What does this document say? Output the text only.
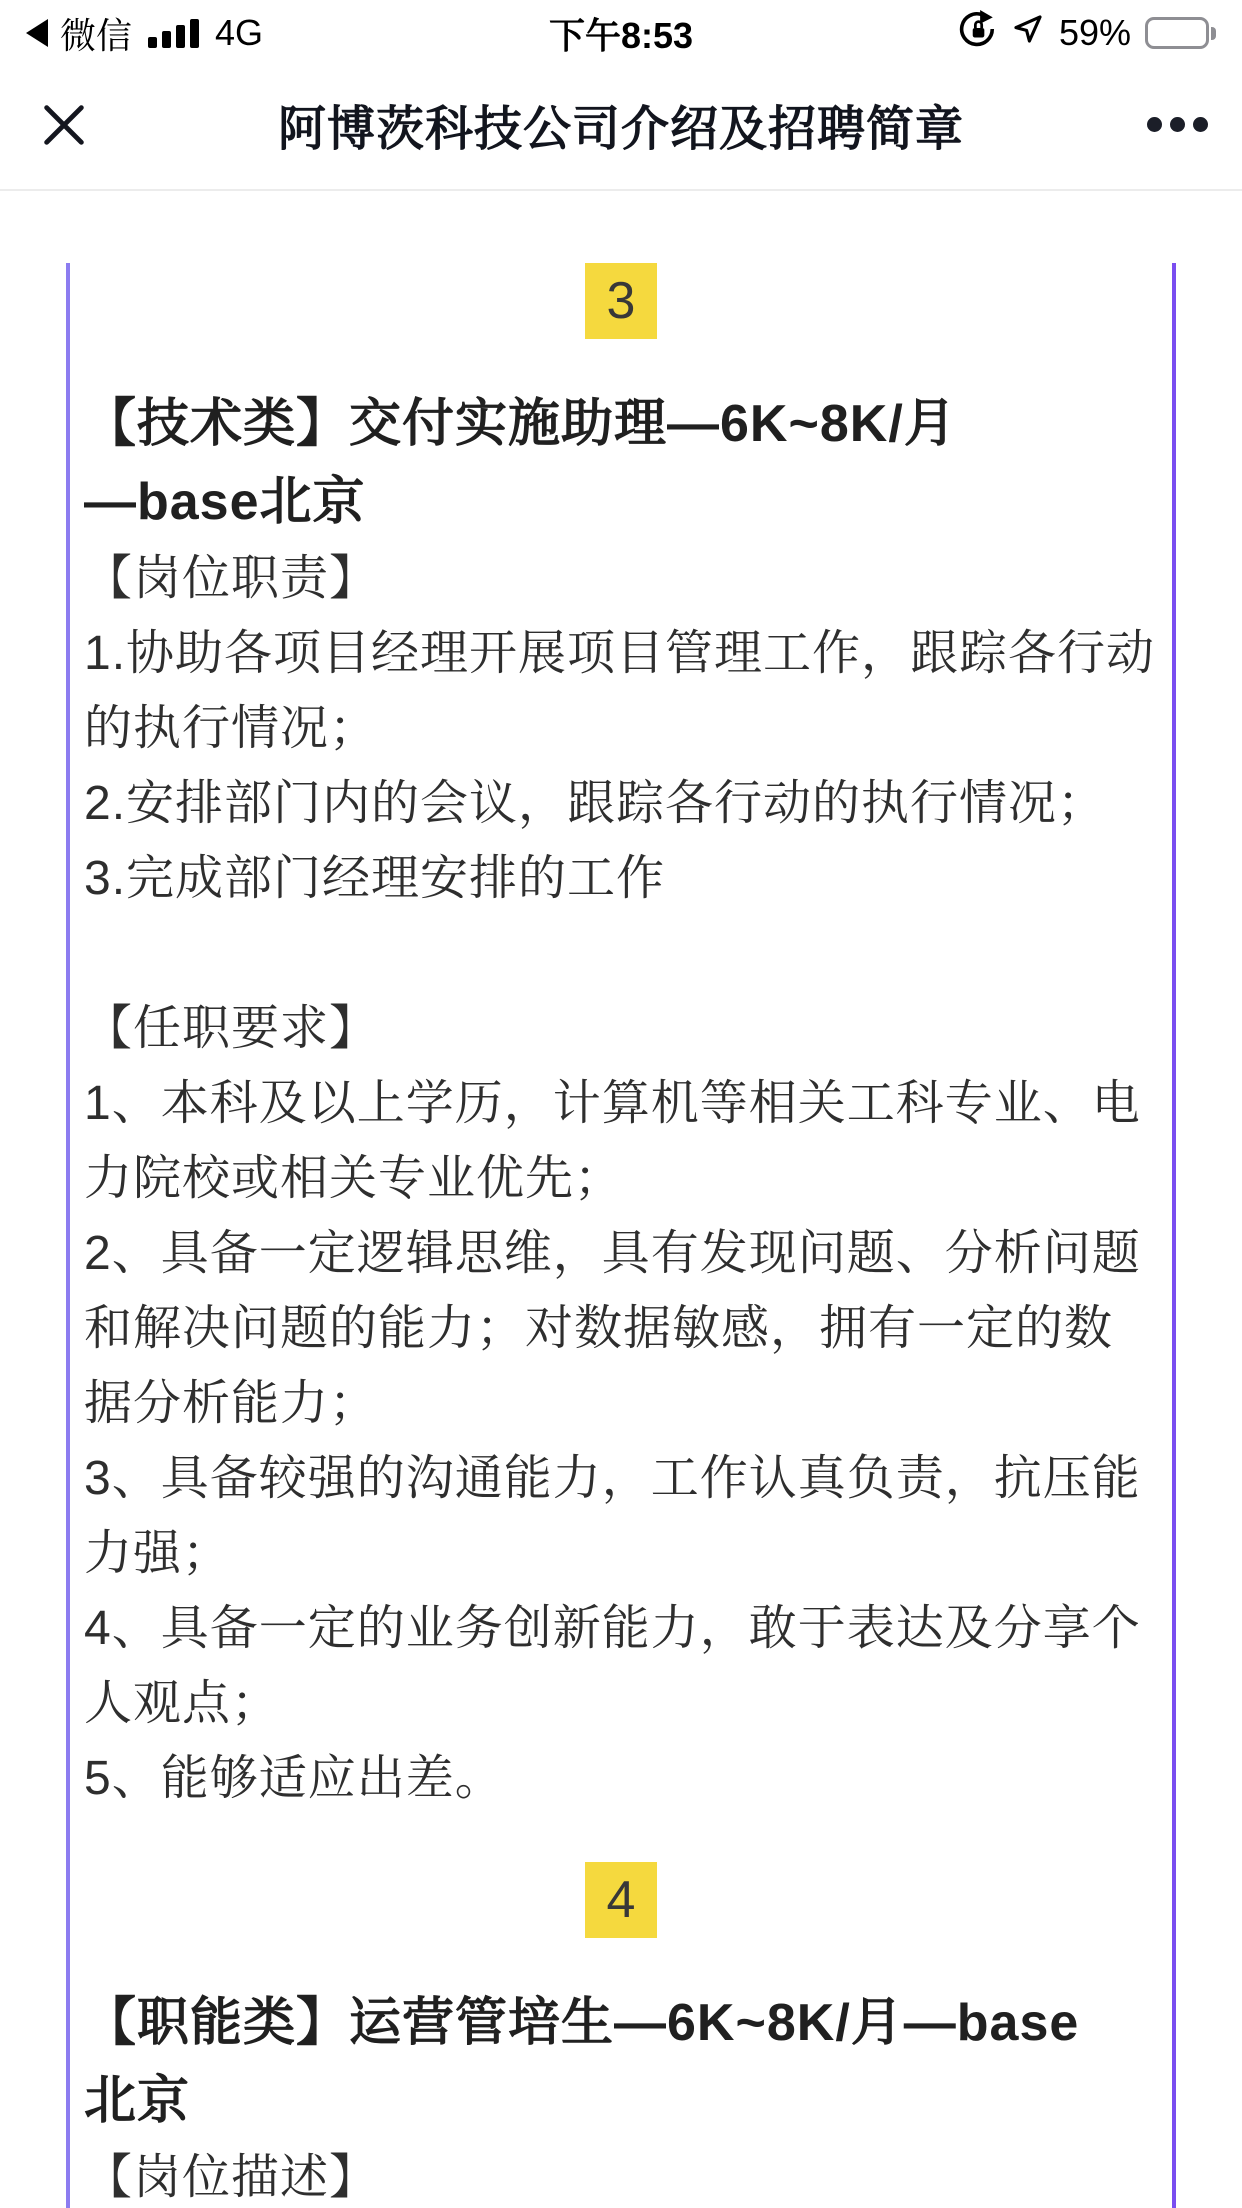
微信 4G	下午8:53	59%
阿博茨科技公司介绍及招聘简章
3
【技术类】交付实施助理—6K~8K/月
—base北京

【岗位职责】

1.协助各项目经理开展项目管理工作，跟踪各行动

的执行情况；

2.安排部门内的会议，跟踪各行动的执行情况；

3.完成部门经理安排的工作

【任职要求】

1、本科及以上学历，计算机等相关工科专业、电

力院校或相关专业优先；

2、具备一定逻辑思维，具有发现问题、分析问题

和解决问题的能力；对数据敏感，拥有一定的数

据分析能力；

3、具备较强的沟通能力，工作认真负责，抗压能

力强；

4、具备一定的业务创新能力，敢于表达及分享个

人观点；

5、能够适应出差。

4
【职能类】运营管培生—6K~8K/月—base
北京

【岗位描述】
